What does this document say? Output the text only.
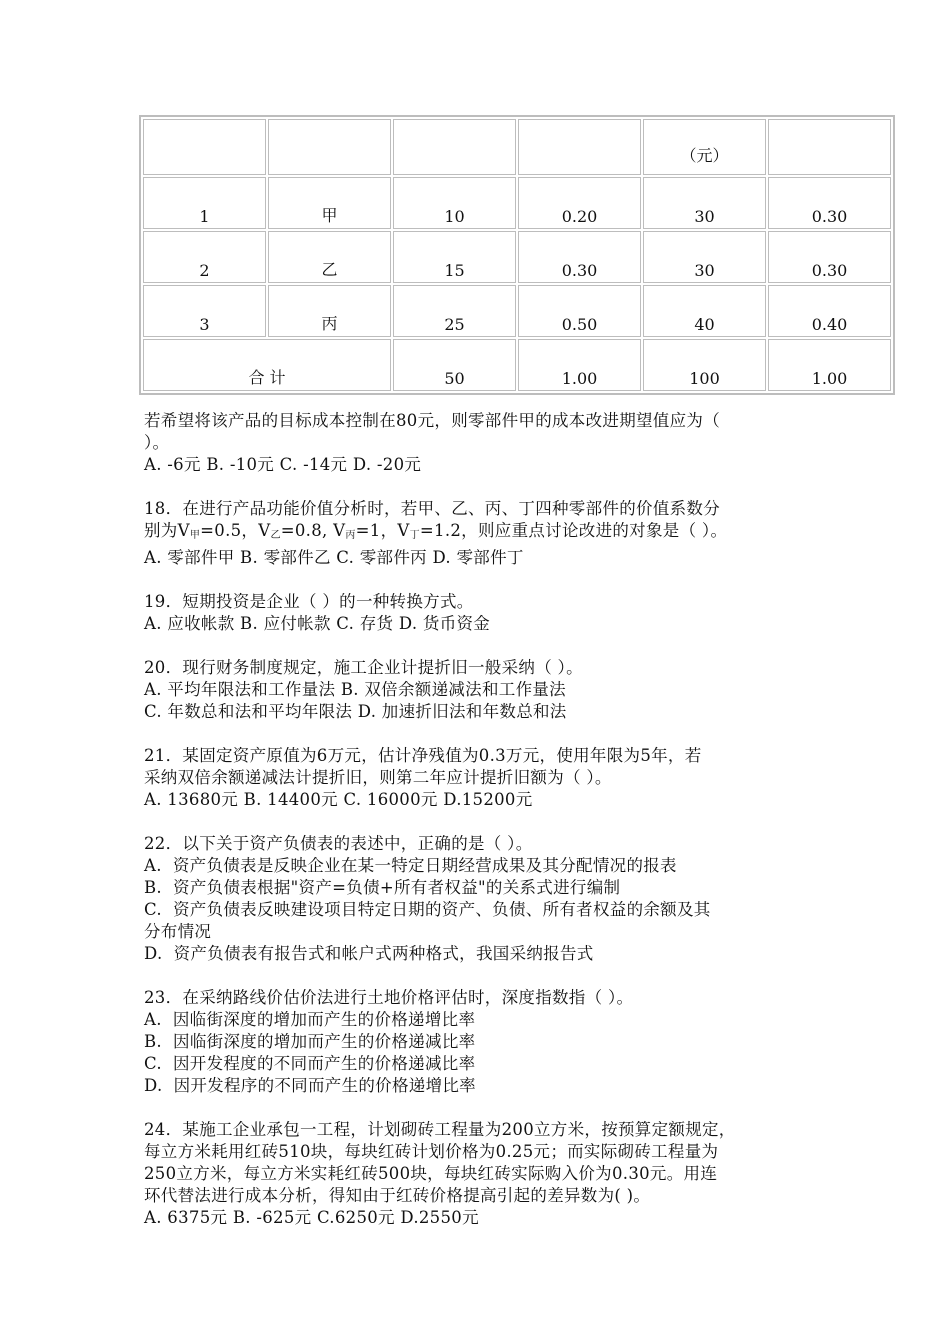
				（元）	
1	甲	10	0.20	30	0.30
2	乙	15	0.30	30	0.30
3	丙	25	0.50	40	0.40
合 计		50	1.00	100	1.00
若希望将该产品的目标成本控制在80元，则零部件甲的成本改进期望值应为（
）。
A. -6元 B. -10元 C. -14元 D. -20元
18．在进行产品功能价值分析时，若甲、乙、丙、丁四种零部件的价值系数分
别为$V_甲=0.5$，$V_乙=0.8$, $V_丙=1$，$V_丁=1.2$，则应重点讨论改进的对象是（ ）。
A. 零部件甲 B. 零部件乙 C. 零部件丙 D. 零部件丁
19．短期投资是企业（ ）的一种转换方式。
A. 应收帐款 B. 应付帐款 C. 存货 D. 货币资金
20．现行财务制度规定，施工企业计提折旧一般采纳（ ）。
A. 平均年限法和工作量法 B. 双倍余额递减法和工作量法
C. 年数总和法和平均年限法 D. 加速折旧法和年数总和法
21．某固定资产原值为6万元，估计净残值为0.3万元，使用年限为5年，若
采纳双倍余额递减法计提折旧，则第二年应计提折旧额为（ ）。
A. 13680元 B. 14400元 C. 16000元 D.15200元
22．以下关于资产负债表的表述中，正确的是（ ）。
A.  资产负债表是反映企业在某一特定日期经营成果及其分配情况的报表
B.  资产负债表根据"资产=负债+所有者权益"的关系式进行编制
C.  资产负债表反映建设项目特定日期的资产、负债、所有者权益的余额及其
分布情况
D.  资产负债表有报告式和帐户式两种格式，我国采纳报告式
23．在采纳路线价估价法进行土地价格评估时，深度指数指（ ）。
A.  因临街深度的增加而产生的价格递增比率
B.  因临街深度的增加而产生的价格递减比率
C.  因开发程度的不同而产生的价格递减比率
D.  因开发程序的不同而产生的价格递增比率
24．某施工企业承包一工程，计划砌砖工程量为200立方米，按预算定额规定，
每立方米耗用红砖510块，每块红砖计划价格为0.25元；而实际砌砖工程量为
250立方米，每立方米实耗红砖500块，每块红砖实际购入价为0.30元。用连
环代替法进行成本分析，得知由于红砖价格提高引起的差异数为( )。
A. 6375元 B. -625元 C.6250元 D.2550元
